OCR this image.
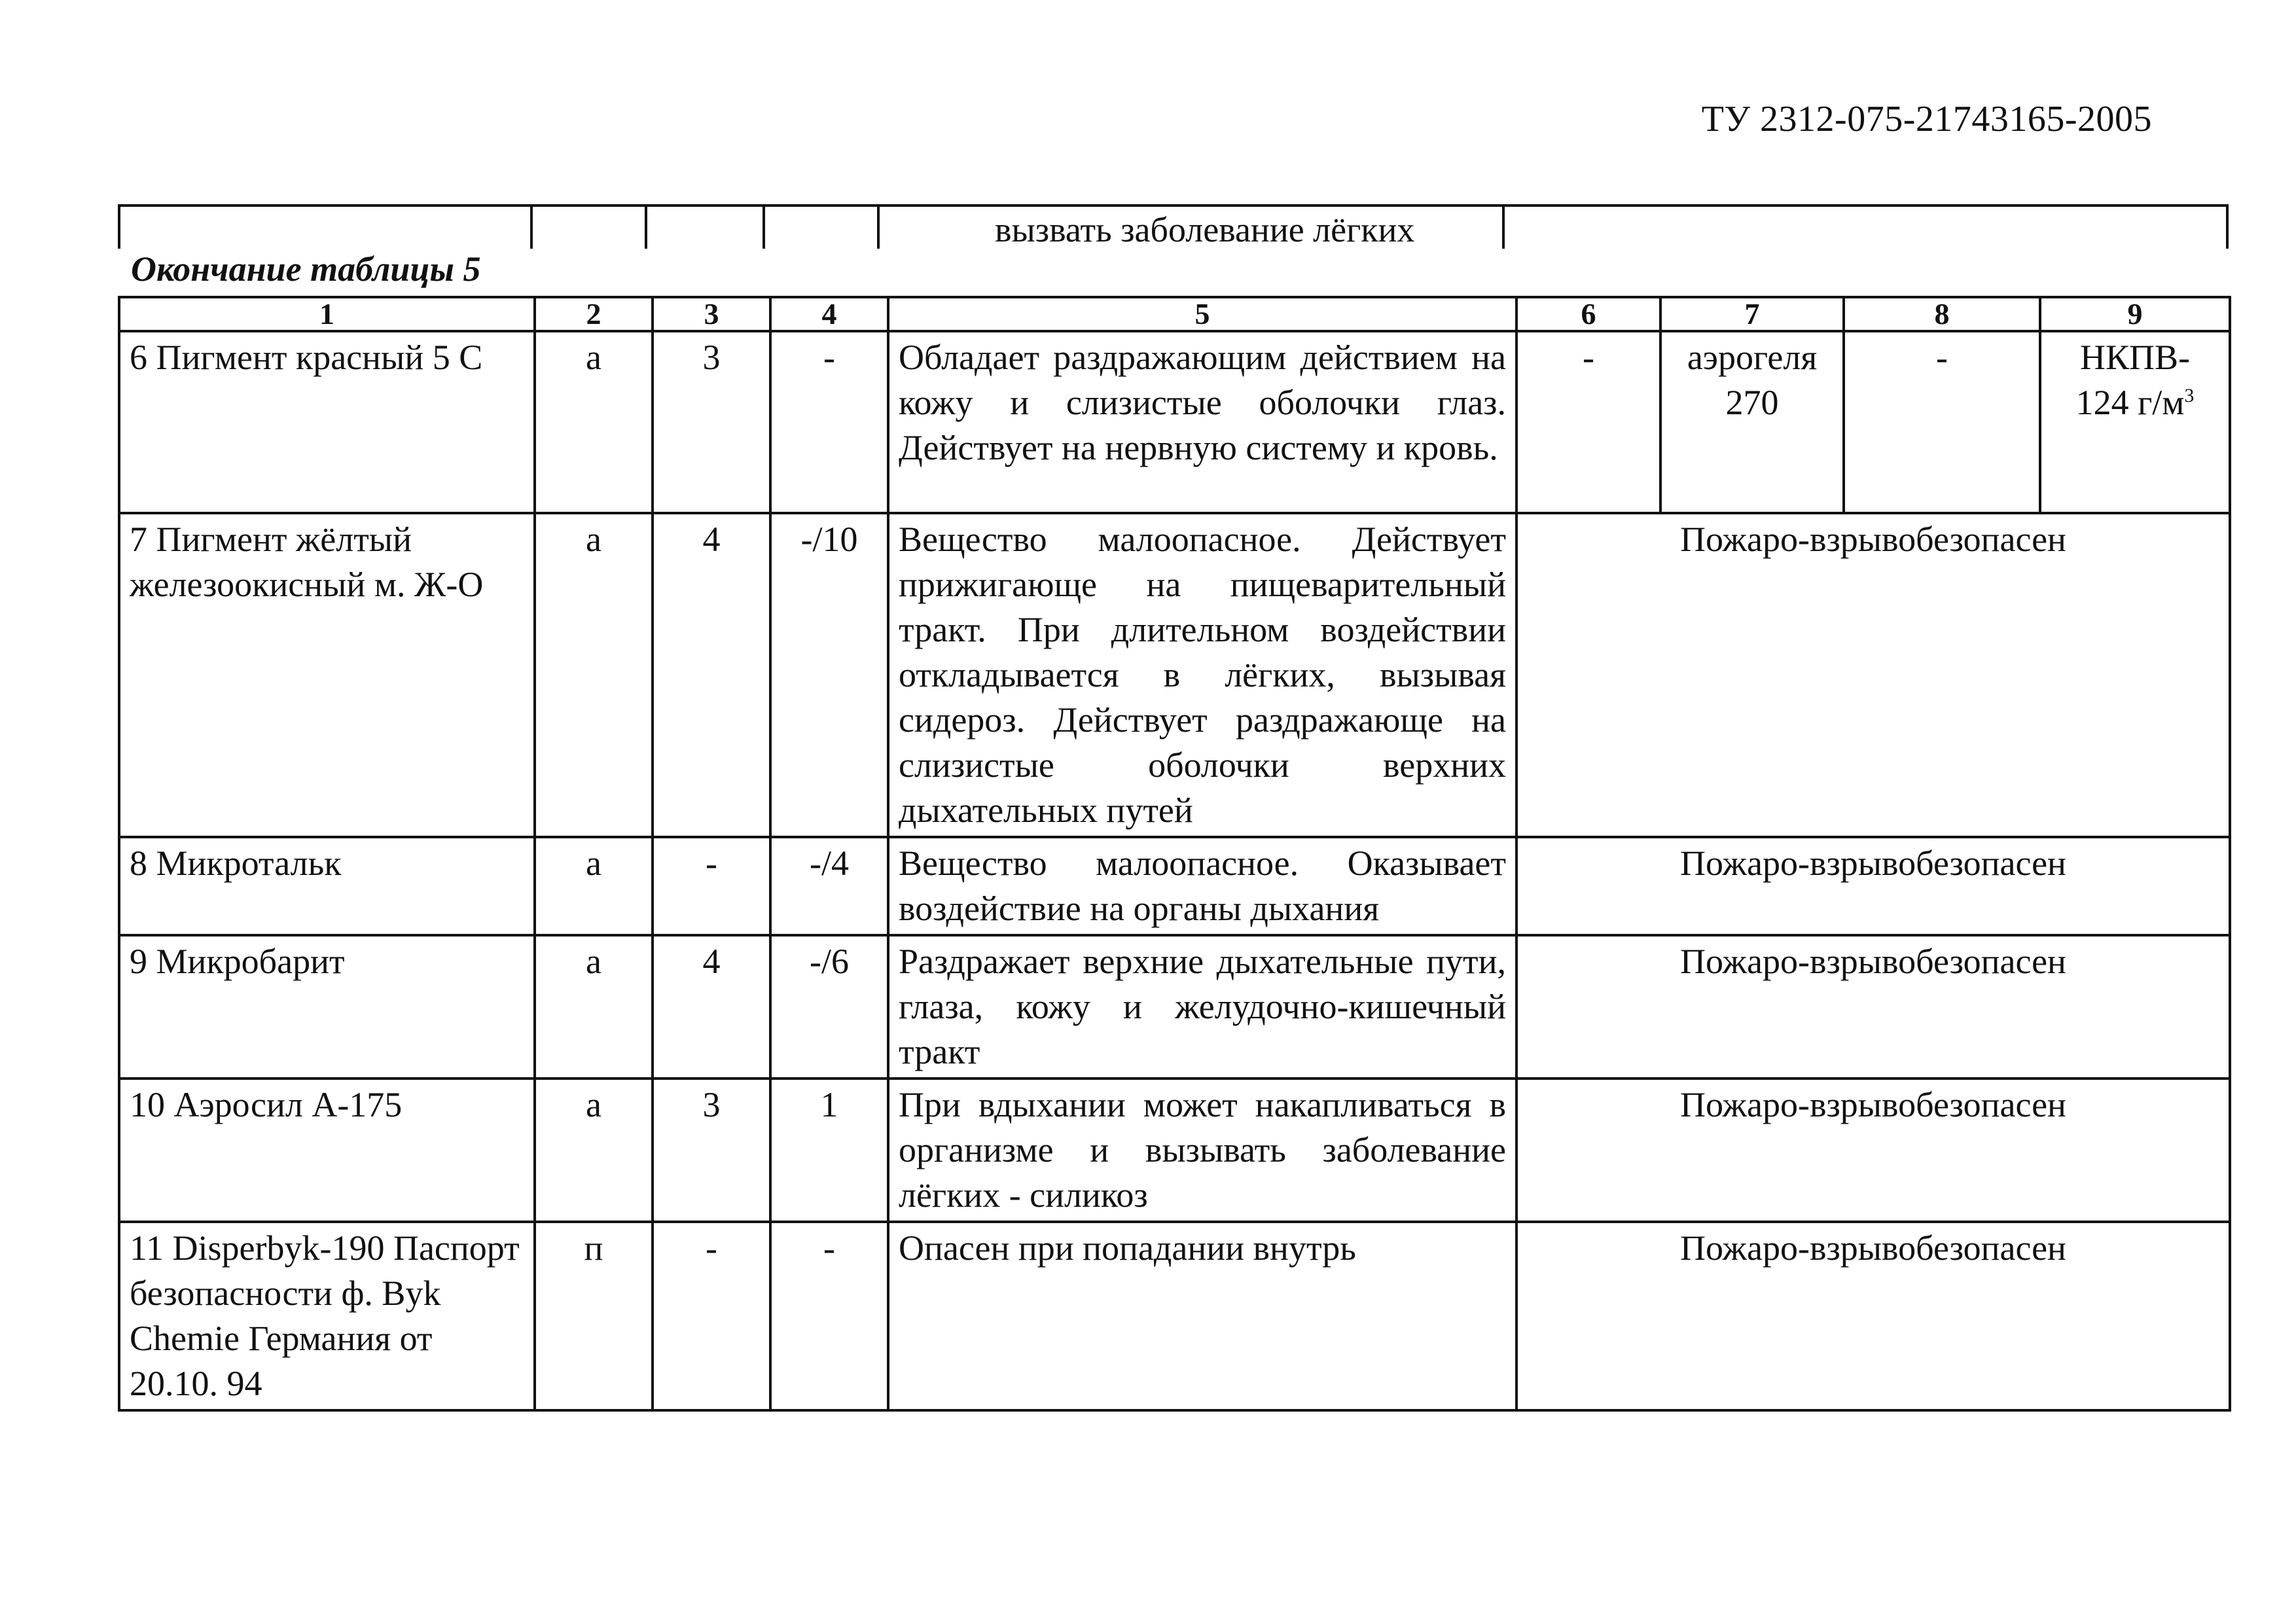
ТУ 2312-075-21743165-2005
вызвать заболевание лёгких
Окончание таблицы 5
1	2	3	4	5	6	7	8	9
6 Пигмент красный 5 С	а	3	-	Обладает раздражающим действием на кожу и слизистые оболочки глаз. Действует на нервную систему и кровь.	-	аэрогеля 270	-	НКПВ- 124 $г/м^3$
7 Пигмент жёлтый железоокисный м. Ж-О	а	4	-/10	Вещество малоопасное. Действует прижигающе на пищеварительный тракт. При длительном воздействии откладывается в лёгких, вызывая сидероз. Действует раздражающе на слизистые оболочки верхних дыхательных путей	Пожаро-взрывобезопасен			
8 Микротальк	а	-	-/4	Вещество малоопасное. Оказывает воздействие на органы дыхания	Пожаро-взрывобезопасен			
9 Микробарит	а	4	-/6	Раздражает верхние дыхательные пути, глаза, кожу и желудочно-кишечный тракт	Пожаро-взрывобезопасен			
10 Аэросил А-175	а	3	1	При вдыхании может накапливаться в организме и вызывать заболевание лёгких - силикоз	Пожаро-взрывобезопасен			
11 Disperbyk-190 Паспорт безопасности ф. Byk Chemie Германия от 20.10. 94	п	-	-	Опасен при попадании внутрь	Пожаро-взрывобезопасен			
